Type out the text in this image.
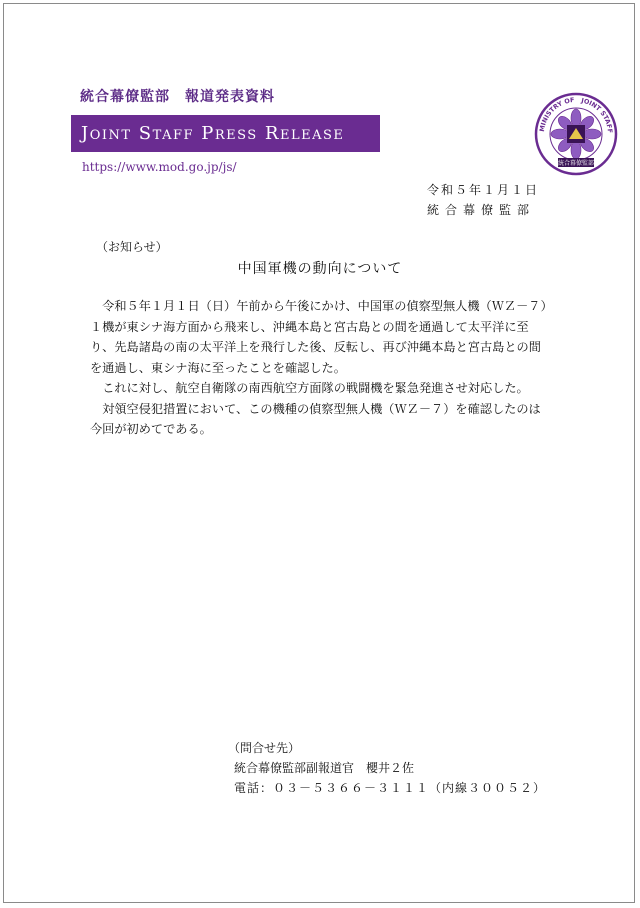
統合幕僚監部　報道発表資料
Joint Staff Press Release
https://www.mod.go.jp/js/
MINISTRY OF JOINT STAFF
統合幕僚監部
令和５年１月１日
統合幕僚監部
（お知らせ）
中国軍機の動向について

　令和５年１月１日（日）午前から午後にかけ、中国軍の偵察型無人機（ＷＺ－７）１機が東シナ海方面から飛来し、沖縄本島と宮古島との間を通過して太平洋に至り、先島諸島の南の太平洋上を飛行した後、反転し、再び沖縄本島と宮古島との間を通過し、東シナ海に至ったことを確認した。

　これに対し、航空自衛隊の南西航空方面隊の戦闘機を緊急発進させ対応した。

　対領空侵犯措置において、この機種の偵察型無人機（ＷＺ－７）を確認したのは今回が初めてである。

（問合せ先）
統合幕僚監部副報道官　櫻井２佐
電話：０３－５３６６－３１１１（内線３００５２）
